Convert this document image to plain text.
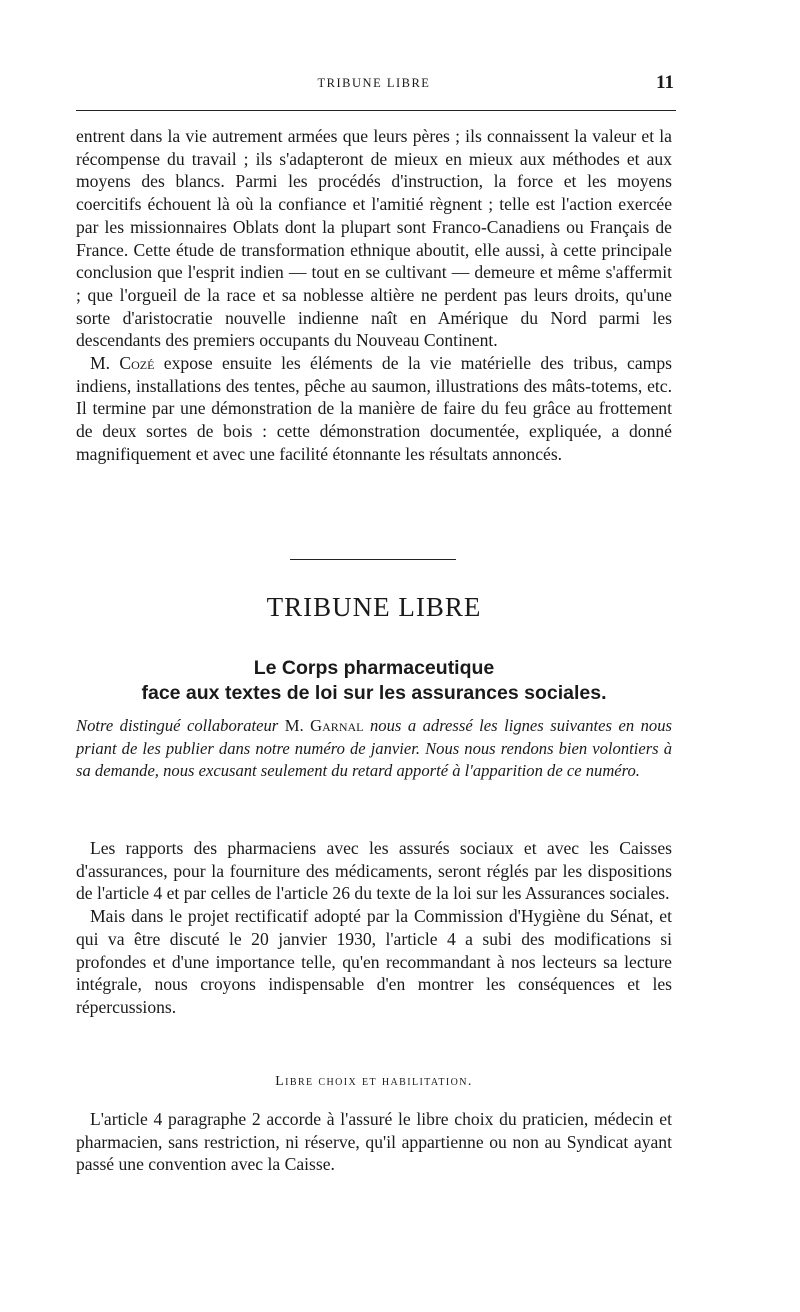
TRIBUNE LIBRE	11

entrent dans la vie autrement armées que leurs pères ; ils connaissent la valeur et la récompense du travail ; ils s'adapteront de mieux en mieux aux méthodes et aux moyens des blancs. Parmi les procédés d'instruction, la force et les moyens coercitifs échouent là où la confiance et l'amitié règnent ; telle est l'action exercée par les missionnaires Oblats dont la plupart sont Franco-Canadiens ou Français de France. Cette étude de transformation ethnique aboutit, elle aussi, à cette principale conclusion que l'esprit indien — tout en se cultivant — demeure et même s'affermit ; que l'orgueil de la race et sa noblesse altière ne perdent pas leurs droits, qu'une sorte d'aristocratie nouvelle indienne naît en Amérique du Nord parmi les descendants des premiers occupants du Nouveau Continent.

M. Cozé expose ensuite les éléments de la vie matérielle des tribus, camps indiens, installations des tentes, pêche au saumon, illustrations des mâts-totems, etc. Il termine par une démonstration de la manière de faire du feu grâce au frottement de deux sortes de bois : cette démonstration documentée, expliquée, a donné magnifiquement et avec une facilité étonnante les résultats annoncés.

TRIBUNE LIBRE
Le Corps pharmaceutique
face aux textes de loi sur les assurances sociales.
Notre distingué collaborateur M. Garnal nous a adressé les lignes suivantes en nous priant de les publier dans notre numéro de janvier. Nous nous rendons bien volontiers à sa demande, nous excusant seulement du retard apporté à l'apparition de ce numéro.

Les rapports des pharmaciens avec les assurés sociaux et avec les Caisses d'assurances, pour la fourniture des médicaments, seront réglés par les dispositions de l'article 4 et par celles de l'article 26 du texte de la loi sur les Assurances sociales.

Mais dans le projet rectificatif adopté par la Commission d'Hygiène du Sénat, et qui va être discuté le 20 janvier 1930, l'article 4 a subi des modifications si profondes et d'une importance telle, qu'en recommandant à nos lecteurs sa lecture intégrale, nous croyons indispensable d'en montrer les conséquences et les répercussions.

Libre choix et habilitation.

L'article 4 paragraphe 2 accorde à l'assuré le libre choix du praticien, médecin et pharmacien, sans restriction, ni réserve, qu'il appartienne ou non au Syndicat ayant passé une convention avec la Caisse.
